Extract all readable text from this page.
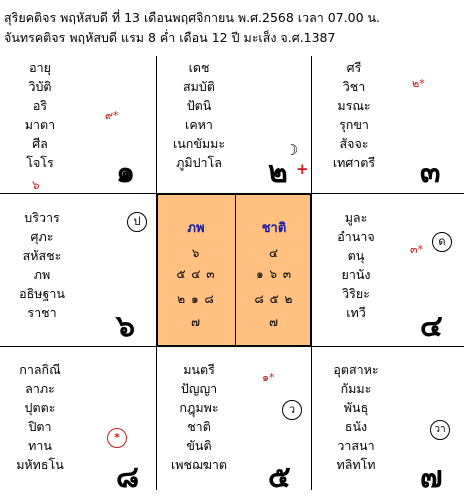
สุริยคติจร พฤหัสบดี ที่ 13 เดือนพฤศจิกายน พ.ศ.2568 เวลา 07.00 น.
จันทรคติจร พฤหัสบดี แรม 8 ค่ำ เดือน 12 ปี มะเส็ง จ.ศ.1387
อายุ
วิบัติ
อริ
มาตา
ศีล
โจโร
๙*
๖	๑
เดช
สมบัติ
ปัตนิ
เคหา
เนกขัมมะ
ภูมิปาโล
☽
๒ +
ศรี
วิชา
มรณะ
รุกขา
สัจจะ
เทศาตรี
๒*
๓
บริวาร
ศุภะ
สหัสชะ
ภพ
อธิษฐาน
ราชา
ป
๖
ภพ	ชาติ
๖
๕ ๔ ๓
๒ ๑ ๘
๗
๔
๑ ๖ ๓
๘ ๕ ๒
๗
มูละ
อำนาจ
ตนุ
ยานัง
วิริยะ
เทวี
๓*
ด
๔
กาลกิณี
ลาภะ
ปุตตะ
ปิตา
ทาน
มหัทธโน
*
๘
มนตรี
ปัญญา
กฎุมพะ
ชาติ
ขันติ
เพชฌฆาต
๑*
ว
๕
อุตสาหะ
กัมมะ
พันธุ
ธนัง
วาสนา
ทลิทโท
วา
๗
